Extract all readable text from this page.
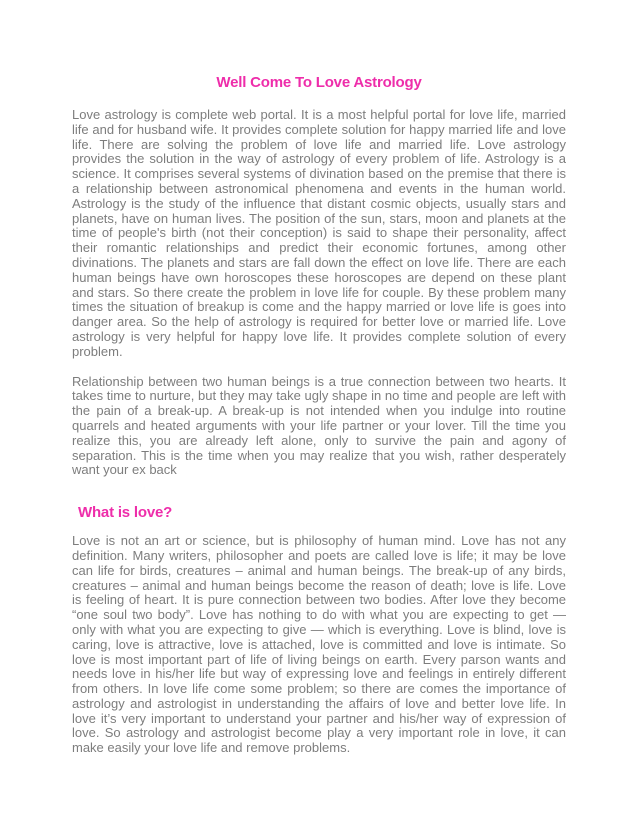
Well Come To Love Astrology

Love astrology is complete web portal. It is a most helpful portal for love life, married life and for husband wife. It provides complete solution for happy married life and love life. There are solving the problem of love life and married life. Love astrology provides the solution in the way of astrology of every problem of life. Astrology is a science. It comprises several systems of divination based on the premise that there is a relationship between astronomical phenomena and events in the human world. Astrology is the study of the influence that distant cosmic objects, usually stars and planets, have on human lives. The position of the sun, stars, moon and planets at the time of people's birth (not their conception) is said to shape their personality, affect their romantic relationships and predict their economic fortunes, among other divinations. The planets and stars are fall down the effect on love life. There are each human beings have own horoscopes these horoscopes are depend on these plant and stars. So there create the problem in love life for couple. By these problem many times the situation of breakup is come and the happy married or love life is goes into danger area. So the help of astrology is required for better love or married life. Love astrology is very helpful for happy love life. It provides complete solution of every problem.

Relationship between two human beings is a true connection between two hearts. It takes time to nurture, but they may take ugly shape in no time and people are left with the pain of a break-up. A break-up is not intended when you indulge into routine quarrels and heated arguments with your life partner or your lover. Till the time you realize this, you are already left alone, only to survive the pain and agony of separation. This is the time when you may realize that you wish, rather desperately want your ex back

What is love?

Love is not an art or science, but is philosophy of human mind. Love has not any definition. Many writers, philosopher and poets are called love is life; it may be love can life for birds, creatures – animal and human beings. The break-up of any birds, creatures – animal and human beings become the reason of death; love is life. Love is feeling of heart. It is pure connection between two bodies. After love they become “one soul two body”. Love has nothing to do with what you are expecting to get — only with what you are expecting to give — which is everything. Love is blind, love is caring, love is attractive, love is attached, love is committed and love is intimate. So love is most important part of life of living beings on earth. Every parson wants and needs love in his/her life but way of expressing love and feelings in entirely different from others. In love life come some problem; so there are comes the importance of astrology and astrologist in understanding the affairs of love and better love life. In love it’s very important to understand your partner and his/her way of expression of love. So astrology and astrologist become play a very important role in love, it can make easily your love life and remove problems.
